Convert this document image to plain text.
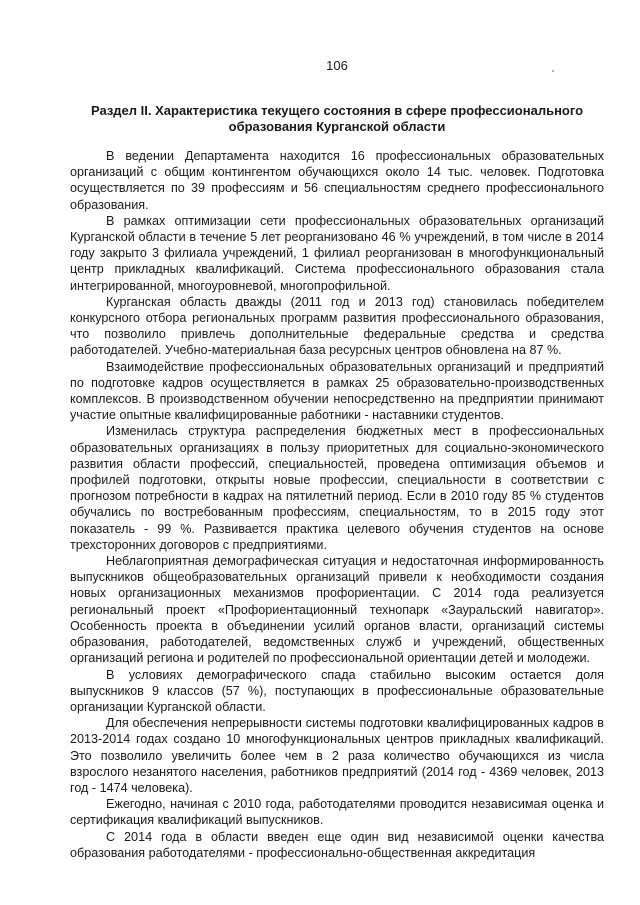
106
Раздел II. Характеристика текущего состояния в сфере профессионального
образования Курганской области

В ведении Департамента находится 16 профессиональных образовательных организаций с общим контингентом обучающихся около 14 тыс. человек. Подготовка осуществляется по 39 профессиям и 56 специальностям среднего профессионального образования.

В рамках оптимизации сети профессиональных образовательных организаций Курганской области в течение 5 лет реорганизовано 46 % учреждений, в том числе в 2014 году закрыто 3 филиала учреждений, 1 филиал реорганизован в многофункциональный центр прикладных квалификаций. Система профессионального образования стала интегрированной, многоуровневой, многопрофильной.

Курганская область дважды (2011 год и 2013 год) становилась победителем конкурсного отбора региональных программ развития профессионального образования, что позволило привлечь дополнительные федеральные средства и средства работодателей. Учебно-материальная база ресурсных центров обновлена на 87 %.

Взаимодействие профессиональных образовательных организаций и предприятий по подготовке кадров осуществляется в рамках 25 образовательно-производственных комплексов. В производственном обучении непосредственно на предприятии принимают участие опытные квалифицированные работники - наставники студентов.

Изменилась структура распределения бюджетных мест в профессиональных образовательных организациях в пользу приоритетных для социально-экономического развития области профессий, специальностей, проведена оптимизация объемов и профилей подготовки, открыты новые профессии, специальности в соответствии с прогнозом потребности в кадрах на пятилетний период. Если в 2010 году 85 % студентов обучались по востребованным профессиям, специальностям, то в 2015 году этот показатель - 99 %. Развивается практика целевого обучения студентов на основе трехсторонних договоров с предприятиями.

Неблагоприятная демографическая ситуация и недостаточная информированность выпускников общеобразовательных организаций привели к необходимости создания новых организационных механизмов профориентации. С 2014 года реализуется региональный проект «Профориентационный технопарк «Зауральский навигатор». Особенность проекта в объединении усилий органов власти, организаций системы образования, работодателей, ведомственных служб и учреждений, общественных организаций региона и родителей по профессиональной ориентации детей и молодежи.

В условиях демографического спада стабильно высоким остается доля выпускников 9 классов (57 %), поступающих в профессиональные образовательные организации Курганской области.

Для обеспечения непрерывности системы подготовки квалифицированных кадров в 2013-2014 годах создано 10 многофункциональных центров прикладных квалификаций. Это позволило увеличить более чем в 2 раза количество обучающихся из числа взрослого незанятого населения, работников предприятий (2014 год - 4369 человек, 2013 год - 1474 человека).

Ежегодно, начиная с 2010 года, работодателями проводится независимая оценка и сертификация квалификаций выпускников.

С 2014 года в области введен еще один вид независимой оценки качества образования работодателями - профессионально-общественная аккредитация
